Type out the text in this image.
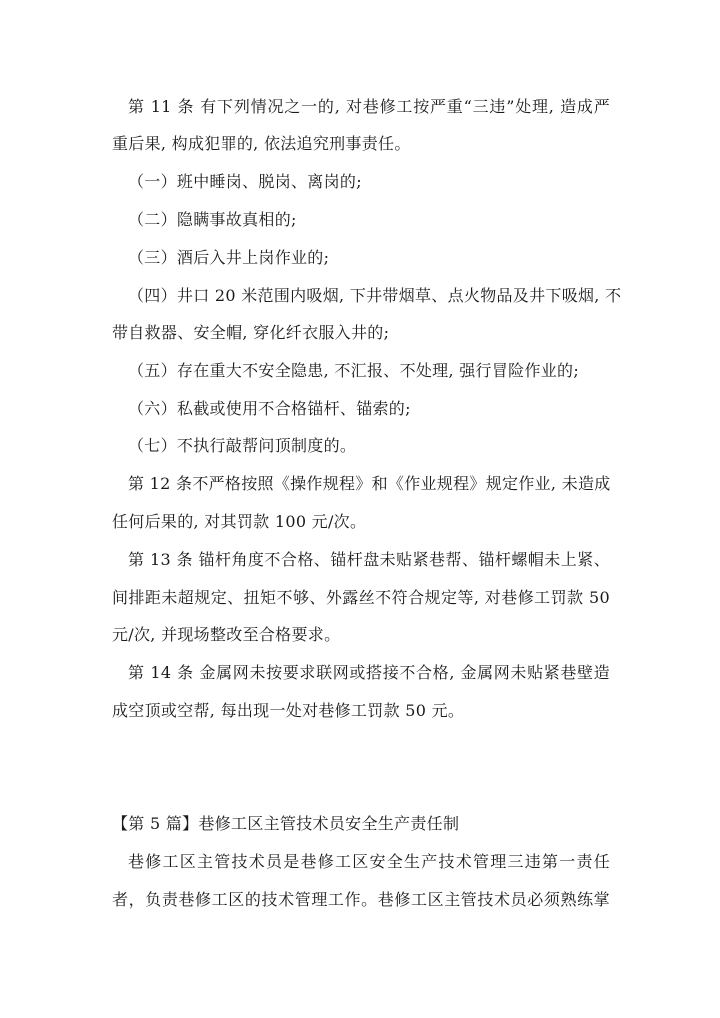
第 11 条 有下列情况之一的, 对巷修工按严重“三违”处理, 造成严
重后果, 构成犯罪的, 依法追究刑事责任。
（一）班中睡岗、脱岗、离岗的;
（二）隐瞒事故真相的;
（三）酒后入井上岗作业的;
（四）井口 20 米范围内吸烟, 下井带烟草、点火物品及井下吸烟, 不
带自救器、安全帽, 穿化纤衣服入井的;
（五）存在重大不安全隐患, 不汇报、不处理, 强行冒险作业的;
（六）私截或使用不合格锚杆、锚索的;
（七）不执行敲帮问顶制度的。
第 12 条不严格按照《操作规程》和《作业规程》规定作业, 未造成
任何后果的, 对其罚款 100 元/次。
第 13 条 锚杆角度不合格、锚杆盘未贴紧巷帮、锚杆螺帽未上紧、
间排距未超规定、扭矩不够、外露丝不符合规定等, 对巷修工罚款 50
元/次, 并现场整改至合格要求。
第 14 条 金属网未按要求联网或搭接不合格, 金属网未贴紧巷壁造
成空顶或空帮, 每出现一处对巷修工罚款 50 元。
【第 5 篇】巷修工区主管技术员安全生产责任制
巷修工区主管技术员是巷修工区安全生产技术管理三违第一责任
者，负责巷修工区的技术管理工作。巷修工区主管技术员必须熟练掌
